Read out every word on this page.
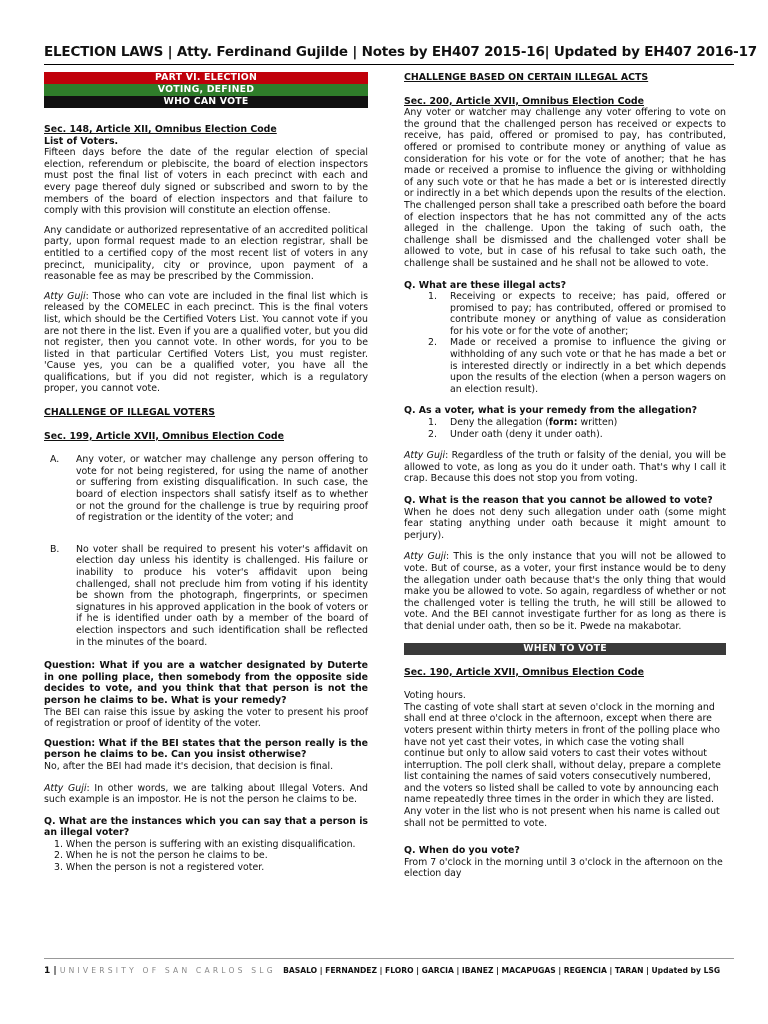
ELECTION LAWS | Atty. Ferdinand Gujilde | Notes by EH407 2015-16| Updated by EH407 2016-17
PART VI. ELECTION
VOTING, DEFINED
WHO CAN VOTE

Sec. 148, Article XII, Omnibus Election Code

List of Voters.

Fifteen days before the date of the regular election of special election, referendum or plebiscite, the board of election inspectors must post the final list of voters in each precinct with each and every page thereof duly signed or subscribed and sworn to by the members of the board of election inspectors and that failure to comply with this provision will constitute an election offense.

Any candidate or authorized representative of an accredited political party, upon formal request made to an election registrar, shall be entitled to a certified copy of the most recent list of voters in any precinct, municipality, city or province, upon payment of a reasonable fee as may be prescribed by the Commission.

Atty Guji: Those who can vote are included in the final list which is released by the COMELEC in each precinct. This is the final voters list, which should be the Certified Voters List. You cannot vote if you are not there in the list. Even if you are a qualified voter, but you did not register, then you cannot vote. In other words, for you to be listed in that particular Certified Voters List, you must register. 'Cause yes, you can be a qualified voter, you have all the qualifications, but if you did not register, which is a regulatory proper, you cannot vote.

CHALLENGE OF ILLEGAL VOTERS

Sec. 199, Article XVII, Omnibus Election Code

A.	Any voter, or watcher may challenge any person offering to vote for not being registered, for using the name of another or suffering from existing disqualification. In such case, the board of election inspectors shall satisfy itself as to whether or not the ground for the challenge is true by requiring proof of registration or the identity of the voter; and
B.	No voter shall be required to present his voter's affidavit on election day unless his identity is challenged. His failure or inability to produce his voter's affidavit upon being challenged, shall not preclude him from voting if his identity be shown from the photograph, fingerprints, or specimen signatures in his approved application in the book of voters or if he is identified under oath by a member of the board of election inspectors and such identification shall be reflected in the minutes of the board.

Question: What if you are a watcher designated by Duterte in one polling place, then somebody from the opposite side decides to vote, and you think that that person is not the person he claims to be. What is your remedy?

The BEI can raise this issue by asking the voter to present his proof of registration or proof of identity of the voter.

Question: What if the BEI states that the person really is the person he claims to be. Can you insist otherwise?

No, after the BEI had made it's decision, that decision is final.

Atty Guji: In other words, we are talking about Illegal Voters. And such example is an impostor. He is not the person he claims to be.

Q. What are the instances which you can say that a person is an illegal voter?

1. When the person is suffering with an existing disqualification.
2. When he is not the person he claims to be.
3. When the person is not a registered voter.

CHALLENGE BASED ON CERTAIN ILLEGAL ACTS

Sec. 200, Article XVII, Omnibus Election Code

Any voter or watcher may challenge any voter offering to vote on the ground that the challenged person has received or expects to receive, has paid, offered or promised to pay, has contributed, offered or promised to contribute money or anything of value as consideration for his vote or for the vote of another; that he has made or received a promise to influence the giving or withholding of any such vote or that he has made a bet or is interested directly or indirectly in a bet which depends upon the results of the election. The challenged person shall take a prescribed oath before the board of election inspectors that he has not committed any of the acts alleged in the challenge. Upon the taking of such oath, the challenge shall be dismissed and the challenged voter shall be allowed to vote, but in case of his refusal to take such oath, the challenge shall be sustained and he shall not be allowed to vote.

Q. What are these illegal acts?

1.	Receiving or expects to receive; has paid, offered or promised to pay; has contributed, offered or promised to contribute money or anything of value as consideration for his vote or for the vote of another;
2.	Made or received a promise to influence the giving or withholding of any such vote or that he has made a bet or is interested directly or indirectly in a bet which depends upon the results of the election (when a person wagers on an election result).

Q. As a voter, what is your remedy from the allegation?

1.	Deny the allegation (form: written)
2.	Under oath (deny it under oath).

Atty Guji: Regardless of the truth or falsity of the denial, you will be allowed to vote, as long as you do it under oath. That's why I call it crap. Because this does not stop you from voting.

Q. What is the reason that you cannot be allowed to vote?

When he does not deny such allegation under oath (some might fear stating anything under oath because it might amount to perjury).

Atty Guji: This is the only instance that you will not be allowed to vote. But of course, as a voter, your first instance would be to deny the allegation under oath because that's the only thing that would make you be allowed to vote. So again, regardless of whether or not the challenged voter is telling the truth, he will still be allowed to vote. And the BEI cannot investigate further for as long as there is that denial under oath, then so be it. Pwede na makabotar.

WHEN TO VOTE

Sec. 190, Article XVII, Omnibus Election Code

Voting hours.

The casting of vote shall start at seven o'clock in the morning and shall end at three o'clock in the afternoon, except when there are voters present within thirty meters in front of the polling place who have not yet cast their votes, in which case the voting shall continue but only to allow said voters to cast their votes without interruption. The poll clerk shall, without delay, prepare a complete list containing the names of said voters consecutively numbered, and the voters so listed shall be called to vote by announcing each name repeatedly three times in the order in which they are listed. Any voter in the list who is not present when his name is called out shall not be permitted to vote.

Q. When do you vote?

From 7 o'clock in the morning until 3 o'clock in the afternoon on the election day

1 | UNIVERSITY OF SAN CARLOS SLG BASALO | FERNANDEZ | FLORO | GARCIA | IBANEZ | MACAPUGAS | REGENCIA | TARAN | Updated by LSG
